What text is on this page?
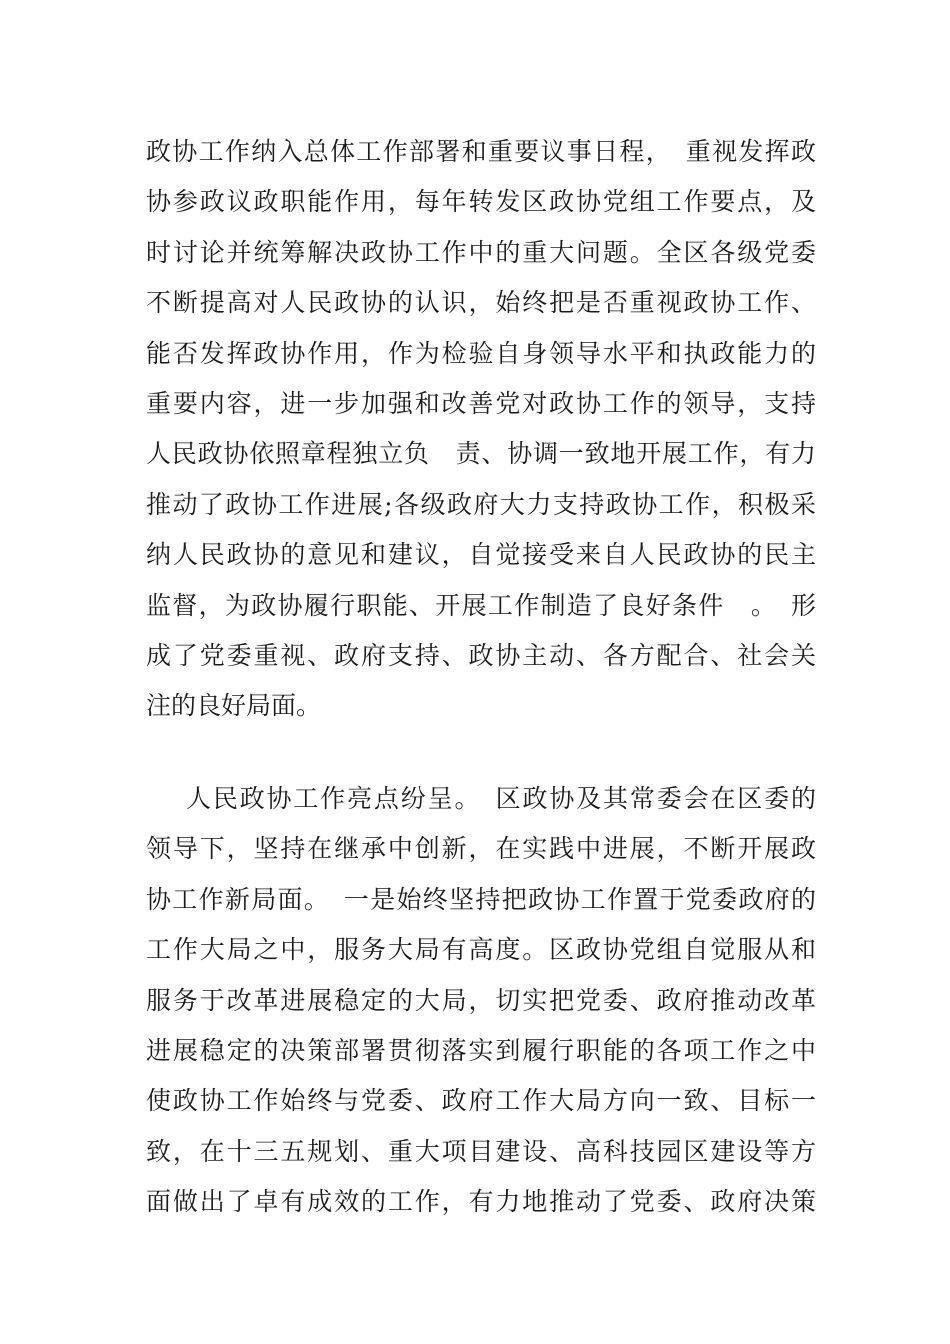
政协工作纳入总体工作部署和重要议事日程，　重视发挥政
协参政议政职能作用，每年转发区政协党组工作要点，及
时讨论并统筹解决政协工作中的重大问题。全区各级党委
不断提高对人民政协的认识，始终把是否重视政协工作、
能否发挥政协作用，作为检验自身领导水平和执政能力的
重要内容，进一步加强和改善党对政协工作的领导，支持
人民政协依照章程独立负　责、协调一致地开展工作，有力
推动了政协工作进展;各级政府大力支持政协工作，积极采
纳人民政协的意见和建议，自觉接受来自人民政协的民主
监督，为政协履行职能、开展工作制造了良好条件　。　形
成了党委重视、政府支持、政协主动、各方配合、社会关
注的良好局面。
人民政协工作亮点纷呈。　区政协及其常委会在区委的
领导下，坚持在继承中创新，在实践中进展，不断开展政
协工作新局面。　一是始终坚持把政协工作置于党委政府的
工作大局之中，服务大局有高度。区政协党组自觉服从和
服务于改革进展稳定的大局，切实把党委、政府推动改革
进展稳定的决策部署贯彻落实到履行职能的各项工作之中
使政协工作始终与党委、政府工作大局方向一致、目标一
致，在十三五规划、重大项目建设、高科技园区建设等方
面做出了卓有成效的工作，有力地推动了党委、政府决策
